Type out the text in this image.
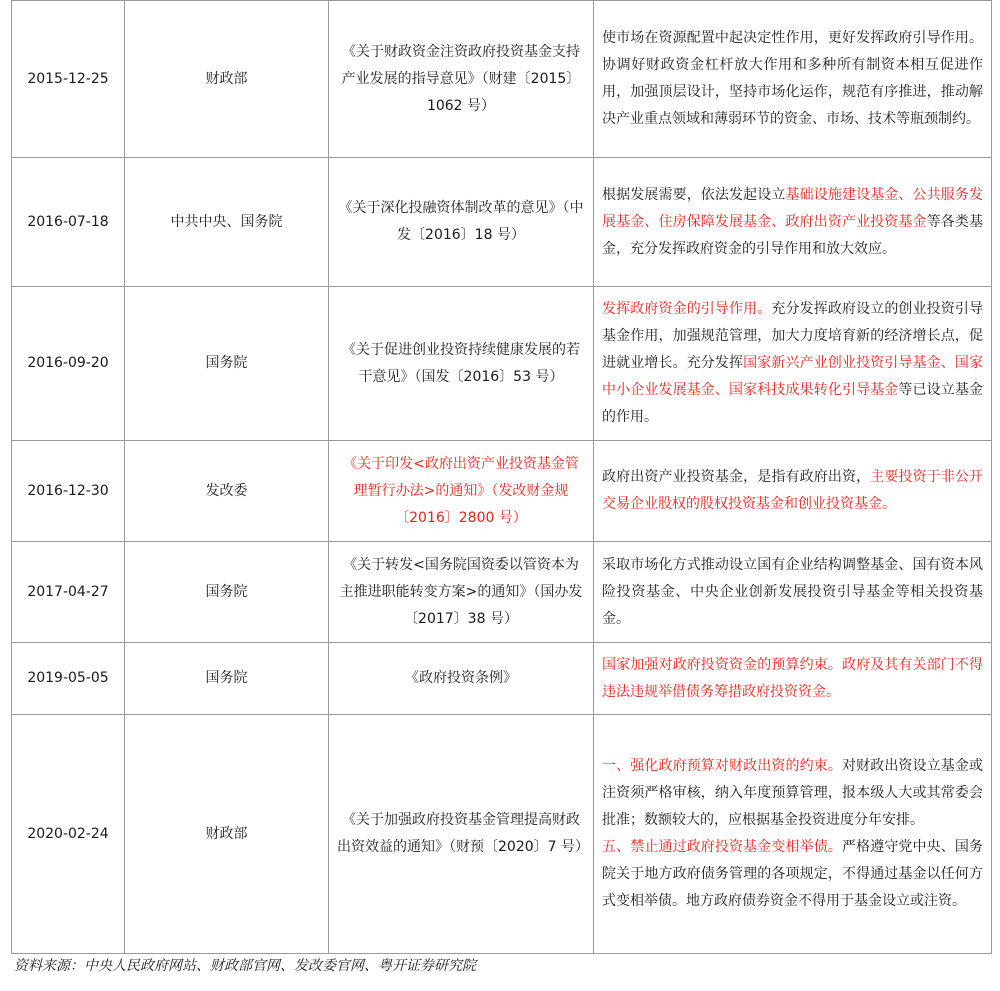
2015-12-25	财政部	《关于财政资金注资政府投资基金支持产业发展的指导意见》（财建〔2015〕1062 号）	使市场在资源配置中起决定性作用，更好发挥政府引导作用。协调好财政资金杠杆放大作用和多种所有制资本相互促进作用，加强顶层设计，坚持市场化运作，规范有序推进，推动解决产业重点领域和薄弱环节的资金、市场、技术等瓶颈制约。
2016-07-18	中共中央、国务院	《关于深化投融资体制改革的意见》（中发〔2016〕18 号）	根据发展需要，依法发起设立基础设施建设基金、公共服务发展基金、住房保障发展基金、政府出资产业投资基金等各类基金，充分发挥政府资金的引导作用和放大效应。
2016-09-20	国务院	《关于促进创业投资持续健康发展的若干意见》（国发〔2016〕53 号）	发挥政府资金的引导作用。充分发挥政府设立的创业投资引导基金作用，加强规范管理，加大力度培育新的经济增长点，促进就业增长。充分发挥国家新兴产业创业投资引导基金、国家中小企业发展基金、国家科技成果转化引导基金等已设立基金的作用。
2016-12-30	发改委	《关于印发<政府出资产业投资基金管理暂行办法>的通知》（发改财金规〔2016〕2800 号）	政府出资产业投资基金，是指有政府出资，主要投资于非公开交易企业股权的股权投资基金和创业投资基金。
2017-04-27	国务院	《关于转发<国务院国资委以管资本为主推进职能转变方案>的通知》（国办发〔2017〕38 号）	采取市场化方式推动设立国有企业结构调整基金、国有资本风险投资基金、中央企业创新发展投资引导基金等相关投资基金。
2019-05-05	国务院	《政府投资条例》	国家加强对政府投资资金的预算约束。政府及其有关部门不得违法违规举借债务筹措政府投资资金。
2020-02-24	财政部	《关于加强政府投资基金管理提高财政出资效益的通知》（财预〔2020〕7 号）	一、强化政府预算对财政出资的约束。对财政出资设立基金或注资须严格审核，纳入年度预算管理，报本级人大或其常委会批准；数额较大的，应根据基金投资进度分年安排。
五、禁止通过政府投资基金变相举债。严格遵守党中央、国务院关于地方政府债务管理的各项规定，不得通过基金以任何方式变相举债。地方政府债券资金不得用于基金设立或注资。
资料来源：中央人民政府网站、财政部官网、发改委官网、粤开证券研究院
